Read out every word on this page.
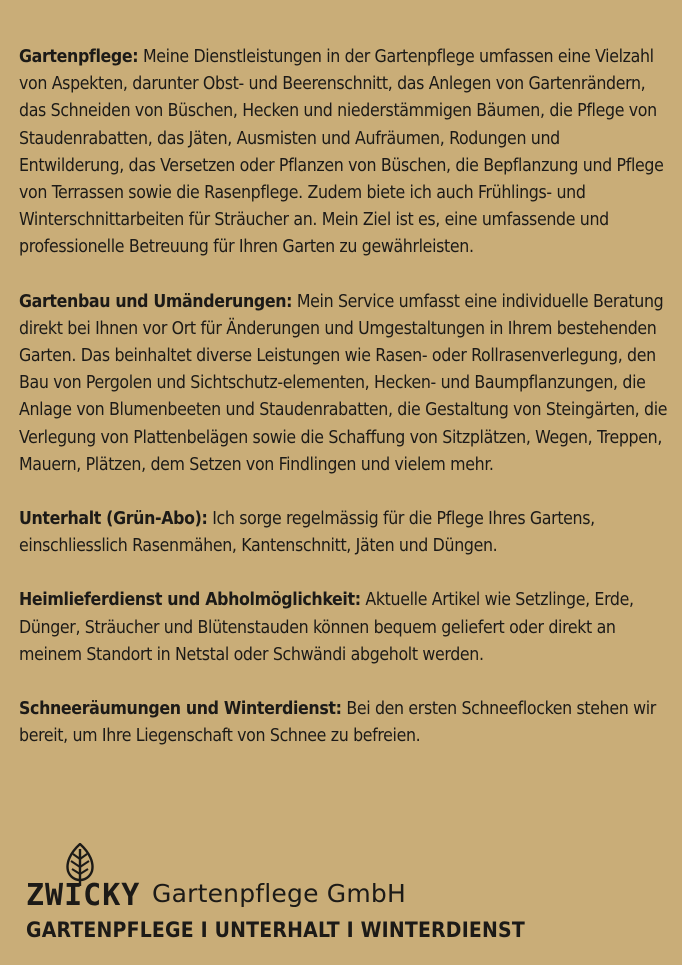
Gartenpflege: Meine Dienstleistungen in der Gartenpflege umfassen eine Vielzahl von Aspekten, darunter Obst- und Beerenschnitt, das Anlegen von Gartenrändern, das Schneiden von Büschen, Hecken und niederstämmigen Bäumen, die Pflege von Staudenrabatten, das Jäten, Ausmisten und Aufräumen, Rodungen und Entwilderung, das Versetzen oder Pflanzen von Büschen, die Bepflanzung und Pflege von Terrassen sowie die Rasenpflege. Zudem biete ich auch Frühlings- und Winterschnittarbeiten für Sträucher an. Mein Ziel ist es, eine umfassende und professionelle Betreuung für Ihren Garten zu gewährleisten.

Gartenbau und Umänderungen: Mein Service umfasst eine individuelle Beratung direkt bei Ihnen vor Ort für Änderungen und Umgestaltungen in Ihrem bestehenden Garten. Das beinhaltet diverse Leistungen wie Rasen- oder Rollrasenverlegung, den Bau von Pergolen und Sichtschutz-elementen, Hecken- und Baumpflanzungen, die Anlage von Blumenbeeten und Staudenrabatten, die Gestaltung von Steingärten, die Verlegung von Plattenbelägen sowie die Schaffung von Sitzplätzen, Wegen, Treppen, Mauern, Plätzen, dem Setzen von Findlingen und vielem mehr.

Unterhalt (Grün-Abo): Ich sorge regelmässig für die Pflege Ihres Gartens, einschliesslich Rasenmähen, Kantenschnitt, Jäten und Düngen.

Heimlieferdienst und Abholmöglichkeit: Aktuelle Artikel wie Setzlinge, Erde, Dünger, Sträucher und Blütenstauden können bequem geliefert oder direkt an meinem Standort in Netstal oder Schwändi abgeholt werden.

Schneeräumungen und Winterdienst: Bei den ersten Schneeflocken stehen wir bereit, um Ihre Liegenschaft von Schnee zu befreien.

ZWICKY Gartenpflege GmbH
GARTENPFLEGE I UNTERHALT I WINTERDIENST
